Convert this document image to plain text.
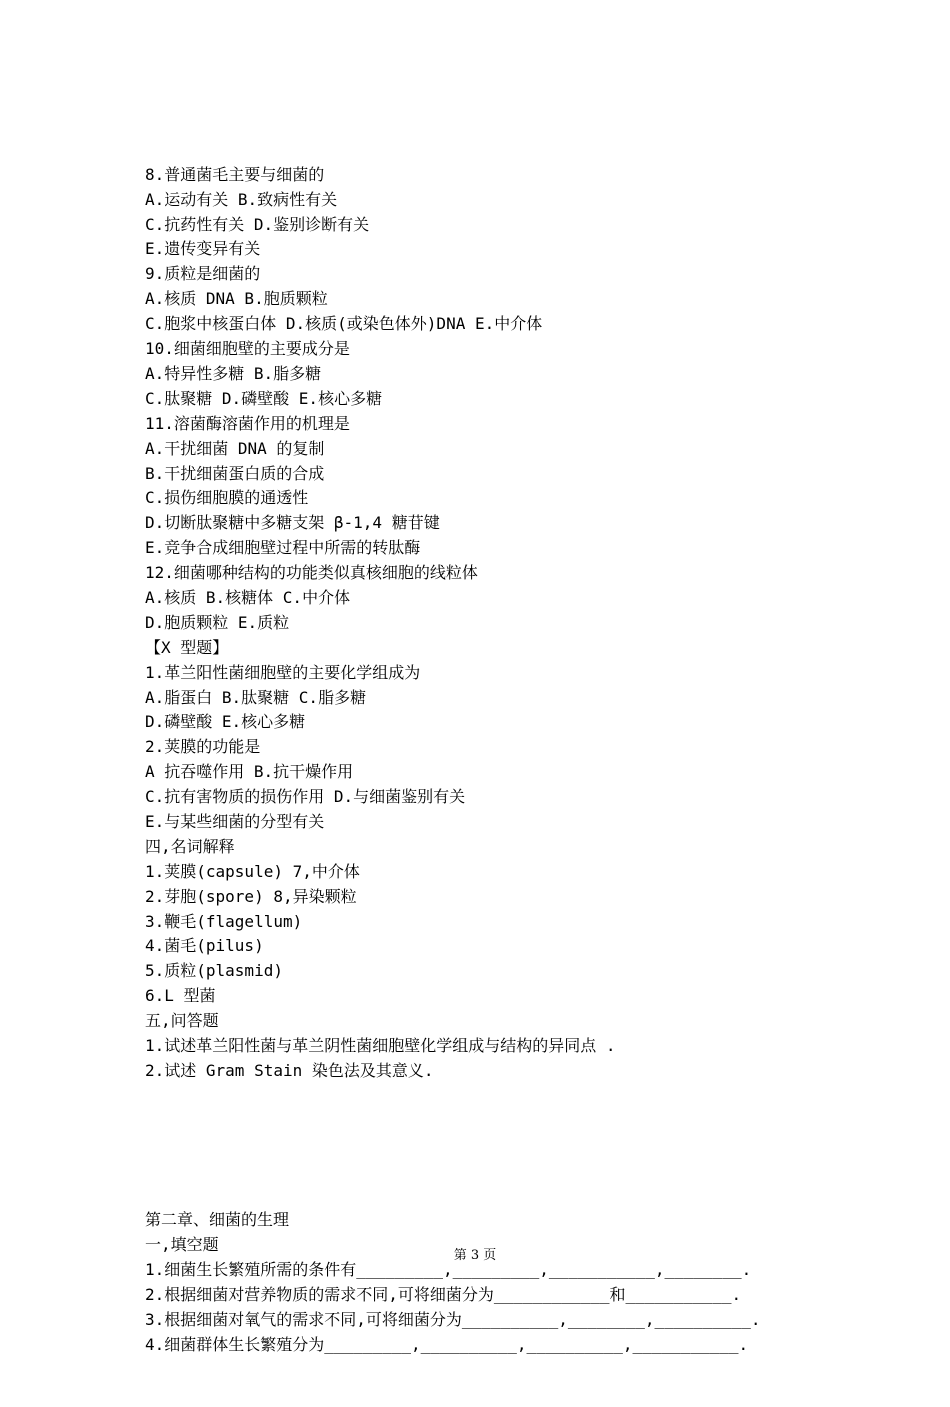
8.普通菌毛主要与细菌的
A.运动有关 B.致病性有关
C.抗药性有关 D.鉴别诊断有关
E.遗传变异有关
9.质粒是细菌的
A.核质 DNA B.胞质颗粒
C.胞浆中核蛋白体 D.核质(或染色体外)DNA E.中介体
10.细菌细胞壁的主要成分是
A.特异性多糖 B.脂多糖
C.肽聚糖 D.磷壁酸 E.核心多糖
11.溶菌酶溶菌作用的机理是
A.干扰细菌 DNA 的复制
B.干扰细菌蛋白质的合成
C.损伤细胞膜的通透性
D.切断肽聚糖中多糖支架 β-1,4 糖苷键
E.竞争合成细胞壁过程中所需的转肽酶
12.细菌哪种结构的功能类似真核细胞的线粒体
A.核质 B.核糖体 C.中介体
D.胞质颗粒 E.质粒
【X 型题】
1.革兰阳性菌细胞壁的主要化学组成为
A.脂蛋白 B.肽聚糖 C.脂多糖
D.磷壁酸 E.核心多糖
2.荚膜的功能是
A 抗吞噬作用 B.抗干燥作用
C.抗有害物质的损伤作用 D.与细菌鉴别有关
E.与某些细菌的分型有关
四,名词解释
1.荚膜(capsule) 7,中介体
2.芽胞(spore) 8,异染颗粒
3.鞭毛(flagellum)
4.菌毛(pilus)
5.质粒(plasmid)
6.L 型菌
五,问答题
1.试述革兰阳性菌与革兰阴性菌细胞壁化学组成与结构的异同点 .
2.试述 Gram Stain 染色法及其意义.

第二章、细菌的生理
一,填空题
1.细菌生长繁殖所需的条件有_________,_________,___________,________.
2.根据细菌对营养物质的需求不同,可将细菌分为____________和___________.
3.根据细菌对氧气的需求不同,可将细菌分为__________,________,__________.
4.细菌群体生长繁殖分为_________,__________,__________,___________.

第 3 页
